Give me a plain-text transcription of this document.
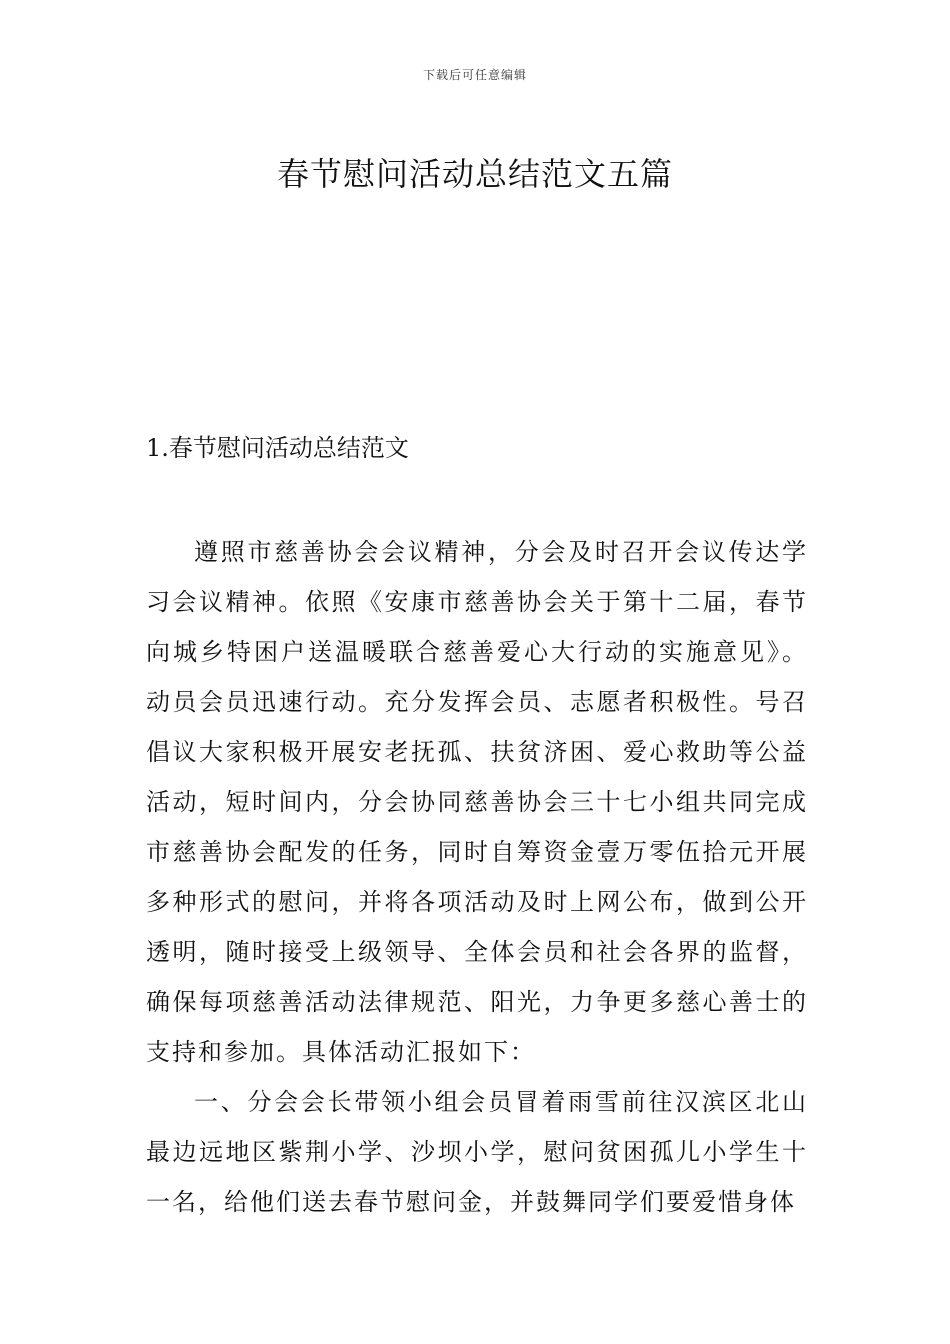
下载后可任意编辑
春节慰问活动总结范文五篇
1.春节慰问活动总结范文

遵照市慈善协会会议精神，分会及时召开会议传达学习会议精神。依照《安康市慈善协会关于第十二届，春节向城乡特困户送温暖联合慈善爱心大行动的实施意见》。动员会员迅速行动。充分发挥会员、志愿者积极性。号召倡议大家积极开展安老抚孤、扶贫济困、爱心救助等公益活动，短时间内，分会协同慈善协会三十七小组共同完成市慈善协会配发的任务，同时自筹资金壹万零伍拾元开展多种形式的慰问，并将各项活动及时上网公布，做到公开透明，随时接受上级领导、全体会员和社会各界的监督，确保每项慈善活动法律规范、阳光，力争更多慈心善士的支持和参加。具体活动汇报如下：

一、分会会长带领小组会员冒着雨雪前往汉滨区北山最边远地区紫荆小学、沙坝小学，慰问贫困孤儿小学生十一名，给他们送去春节慰问金，并鼓舞同学们要爱惜身体
